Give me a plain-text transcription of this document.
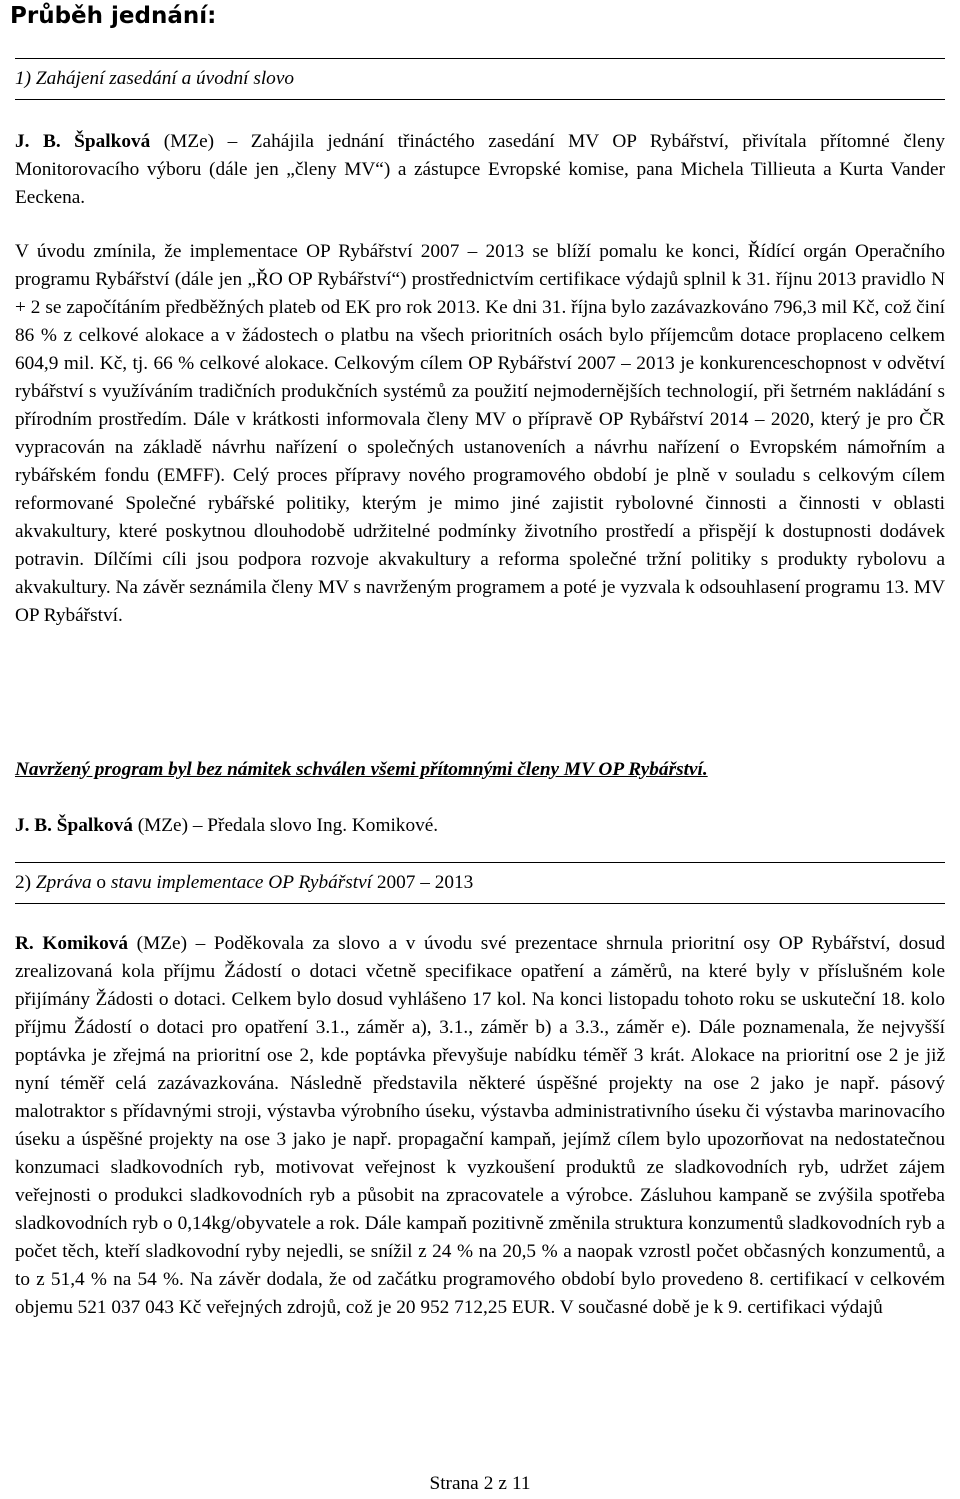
Průběh jednání:
1) Zahájení zasedání a úvodní slovo

J. B. Špalková (MZe) – Zahájila jednání třináctého zasedání MV OP Rybářství, přivítala přítomné členy Monitorovacího výboru (dále jen „členy MV“) a zástupce Evropské komise, pana Michela Tillieuta a Kurta Vander Eeckena.

V úvodu zmínila, že implementace OP Rybářství 2007 – 2013 se blíží pomalu ke konci, Řídící orgán Operačního programu Rybářství (dále jen „ŘO OP Rybářství“) prostřednictvím certifikace výdajů splnil k 31. říjnu 2013 pravidlo N + 2 se započítáním předběžných plateb od EK pro rok 2013. Ke dni 31. října bylo zazávazkováno 796,3 mil Kč, což činí 86 % z celkové alokace a v žádostech o platbu na všech prioritních osách bylo příjemcům dotace proplaceno celkem 604,9 mil. Kč, tj. 66 % celkové alokace. Celkovým cílem OP Rybářství 2007 – 2013 je konkurenceschopnost v odvětví rybářství s využíváním tradičních produkčních systémů za použití nejmodernějších technologií, při šetrném nakládání s přírodním prostředím. Dále v krátkosti informovala členy MV o přípravě OP Rybářství 2014 – 2020, který je pro ČR vypracován na základě návrhu nařízení o společných ustanoveních a návrhu nařízení o Evropském námořním a rybářském fondu (EMFF). Celý proces přípravy nového programového období je plně v souladu s celkovým cílem reformované Společné rybářské politiky, kterým je mimo jiné zajistit rybolovné činnosti a činnosti v oblasti akvakultury, které poskytnou dlouhodobě udržitelné podmínky životního prostředí a přispějí k dostupnosti dodávek potravin. Dílčími cíli jsou podpora rozvoje akvakultury a reforma společné tržní politiky s produkty rybolovu a akvakultury. Na závěr seznámila členy MV s navrženým programem a poté je vyzvala k odsouhlasení programu 13. MV OP Rybářství.

Navržený program byl bez námitek schválen všemi přítomnými členy MV OP Rybářství.

J. B. Špalková (MZe) – Předala slovo Ing. Komikové.

2) Zpráva o stavu implementace OP Rybářství 2007 – 2013

R. Komiková (MZe) – Poděkovala za slovo a v úvodu své prezentace shrnula prioritní osy OP Rybářství, dosud zrealizovaná kola příjmu Žádostí o dotaci včetně specifikace opatření a záměrů, na které byly v příslušném kole přijímány Žádosti o dotaci. Celkem bylo dosud vyhlášeno 17 kol. Na konci listopadu tohoto roku se uskuteční 18. kolo příjmu Žádostí o dotaci pro opatření 3.1., záměr a), 3.1., záměr b) a 3.3., záměr e). Dále poznamenala, že nejvyšší poptávka je zřejmá na prioritní ose 2, kde poptávka převyšuje nabídku téměř 3 krát. Alokace na prioritní ose 2 je již nyní téměř celá zazávazkována. Následně představila některé úspěšné projekty na ose 2 jako je např. pásový malotraktor s přídavnými stroji, výstavba výrobního úseku, výstavba administrativního úseku či výstavba marinovacího úseku a úspěšné projekty na ose 3 jako je např. propagační kampaň, jejímž cílem bylo upozorňovat na nedostatečnou konzumaci sladkovodních ryb, motivovat veřejnost k vyzkoušení produktů ze sladkovodních ryb, udržet zájem veřejnosti o produkci sladkovodních ryb a působit na zpracovatele a výrobce. Zásluhou kampaně se zvýšila spotřeba sladkovodních ryb o 0,14kg/obyvatele a rok. Dále kampaň pozitivně změnila struktura konzumentů sladkovodních ryb a počet těch, kteří sladkovodní ryby nejedli, se snížil z 24 % na 20,5 % a naopak vzrostl počet občasných konzumentů, a to z 51,4 % na 54 %. Na závěr dodala, že od začátku programového období bylo provedeno 8. certifikací v celkovém objemu 521 037 043 Kč veřejných zdrojů, což je 20 952 712,25 EUR. V současné době je k 9. certifikaci výdajů

Strana 2 z 11
